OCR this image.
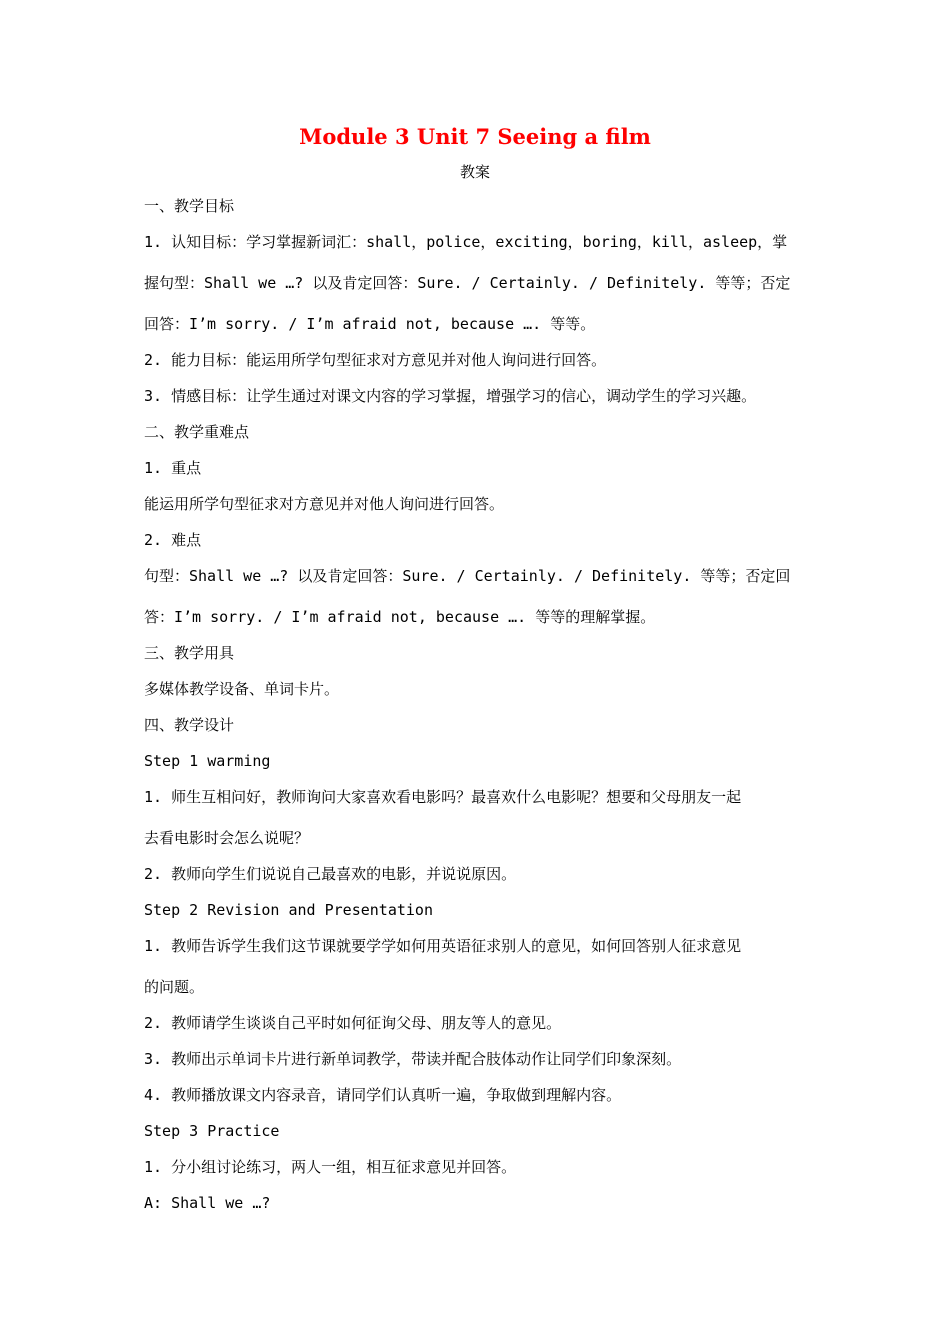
Module 3 Unit 7 Seeing a film
教案
一、教学目标
1. 认知目标：学习掌握新词汇：shall，police，exciting，boring，kill，asleep，掌
握句型：Shall we …? 以及肯定回答：Sure. / Certainly. / Definitely. 等等；否定
回答：I’m sorry. / I’m afraid not, because …. 等等。
2. 能力目标：能运用所学句型征求对方意见并对他人询问进行回答。
3. 情感目标：让学生通过对课文内容的学习掌握，增强学习的信心，调动学生的学习兴趣。
二、教学重难点
1. 重点
能运用所学句型征求对方意见并对他人询问进行回答。
2. 难点
句型：Shall we …? 以及肯定回答：Sure. / Certainly. / Definitely. 等等；否定回
答：I’m sorry. / I’m afraid not, because …. 等等的理解掌握。
三、教学用具
多媒体教学设备、单词卡片。
四、教学设计
Step 1 warming
1. 师生互相问好，教师询问大家喜欢看电影吗？最喜欢什么电影呢？想要和父母朋友一起
去看电影时会怎么说呢？
2. 教师向学生们说说自己最喜欢的电影，并说说原因。
Step 2 Revision and Presentation
1. 教师告诉学生我们这节课就要学学如何用英语征求别人的意见，如何回答别人征求意见
的问题。
2. 教师请学生谈谈自己平时如何征询父母、朋友等人的意见。
3. 教师出示单词卡片进行新单词教学，带读并配合肢体动作让同学们印象深刻。
4. 教师播放课文内容录音，请同学们认真听一遍，争取做到理解内容。
Step 3 Practice
1. 分小组讨论练习，两人一组，相互征求意见并回答。
A: Shall we …?
